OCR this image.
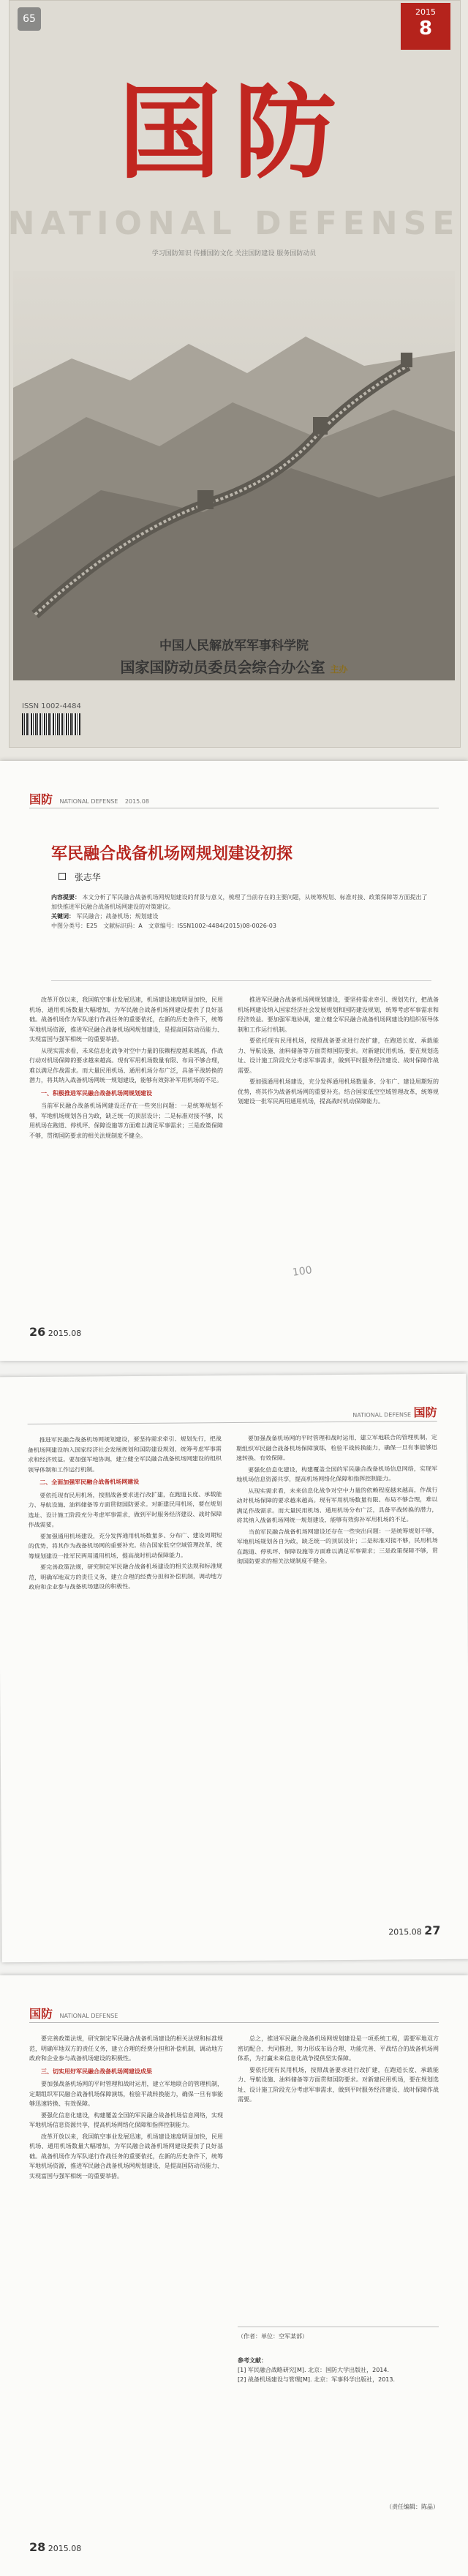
65
2015
8
国防
NATIONAL DEFENSE
学习国防知识 传播国防文化 关注国防建设 服务国防动员
中国人民解放军军事科学院
国家国防动员委员会综合办公室 主办
ISSN 1002-4484
国防 NATIONAL DEFENSE 2015.08
军民融合战备机场网规划建设初探
张志华
内容提要： 本文分析了军民融合战备机场网规划建设的背景与意义，梳理了当前存在的主要问题，从统筹规划、标准对接、政策保障等方面提出了加快推进军民融合战备机场网建设的对策建议。
关键词： 军民融合；战备机场；规划建设
中图分类号：E25　文献标识码：A　文章编号：ISSN1002-4484(2015)08-0026-03

改革开放以来，我国航空事业发展迅速，机场建设速度明显加快，民用机场、通用机场数量大幅增加，为军民融合战备机场网建设提供了良好基础。战备机场作为军队遂行作战任务的重要依托，在新的历史条件下，统筹军地机场资源，推进军民融合战备机场网规划建设，是提高国防动员能力、实现富国与强军相统一的重要举措。

从现实需求看，未来信息化战争对空中力量的依赖程度越来越高，作战行动对机场保障的要求越来越高。现有军用机场数量有限、布局不够合理，难以满足作战需求。而大量民用机场、通用机场分布广泛，具备平战转换的潜力，将其纳入战备机场网统一规划建设，能够有效弥补军用机场的不足。

一、积极推进军民融合战备机场网规划建设

当前军民融合战备机场网建设还存在一些突出问题：一是统筹规划不够，军地机场规划各自为政，缺乏统一的顶层设计；二是标准对接不够，民用机场在跑道、停机坪、保障设施等方面难以满足军事需求；三是政策保障不够，贯彻国防要求的相关法规制度不健全。

推进军民融合战备机场网规划建设，要坚持需求牵引、规划先行，把战备机场网建设纳入国家经济社会发展规划和国防建设规划，统筹考虑军事需求和经济效益。要加强军地协调，建立健全军民融合战备机场网建设的组织领导体制和工作运行机制。

要依托现有民用机场，按照战备要求进行改扩建，在跑道长度、承载能力、导航设施、油料储备等方面贯彻国防要求。对新建民用机场，要在规划选址、设计施工阶段充分考虑军事需求，做到平时服务经济建设、战时保障作战需要。

要加强通用机场建设，充分发挥通用机场数量多、分布广、建设周期短的优势，将其作为战备机场网的重要补充。结合国家低空空域管理改革，统筹规划建设一批军民两用通用机场，提高战时机动保障能力。

100
26 2015.08
NATIONAL DEFENSE 国防

推进军民融合战备机场网规划建设，要坚持需求牵引、规划先行，把战备机场网建设纳入国家经济社会发展规划和国防建设规划，统筹考虑军事需求和经济效益。要加强军地协调，建立健全军民融合战备机场网建设的组织领导体制和工作运行机制。

二、全面加强军民融合战备机场网建设

要依托现有民用机场，按照战备要求进行改扩建，在跑道长度、承载能力、导航设施、油料储备等方面贯彻国防要求。对新建民用机场，要在规划选址、设计施工阶段充分考虑军事需求，做到平时服务经济建设、战时保障作战需要。

要加强通用机场建设，充分发挥通用机场数量多、分布广、建设周期短的优势，将其作为战备机场网的重要补充。结合国家低空空域管理改革，统筹规划建设一批军民两用通用机场，提高战时机动保障能力。

要完善政策法规，研究制定军民融合战备机场建设的相关法规和标准规范，明确军地双方的责任义务，建立合理的经费分担和补偿机制，调动地方政府和企业参与战备机场建设的积极性。

要加强战备机场网的平时管理和战时运用，建立军地联合的管理机制，定期组织军民融合战备机场保障演练，检验平战转换能力，确保一旦有事能够迅速转换、有效保障。

要强化信息化建设，构建覆盖全国的军民融合战备机场信息网络，实现军地机场信息资源共享，提高机场网络化保障和指挥控制能力。

从现实需求看，未来信息化战争对空中力量的依赖程度越来越高，作战行动对机场保障的要求越来越高。现有军用机场数量有限、布局不够合理，难以满足作战需求。而大量民用机场、通用机场分布广泛，具备平战转换的潜力，将其纳入战备机场网统一规划建设，能够有效弥补军用机场的不足。

当前军民融合战备机场网建设还存在一些突出问题：一是统筹规划不够，军地机场规划各自为政，缺乏统一的顶层设计；二是标准对接不够，民用机场在跑道、停机坪、保障设施等方面难以满足军事需求；三是政策保障不够，贯彻国防要求的相关法规制度不健全。

2015.08 27
国防 NATIONAL DEFENSE

要完善政策法规，研究制定军民融合战备机场建设的相关法规和标准规范，明确军地双方的责任义务，建立合理的经费分担和补偿机制，调动地方政府和企业参与战备机场建设的积极性。

三、切实用好军民融合战备机场网建设成果

要加强战备机场网的平时管理和战时运用，建立军地联合的管理机制，定期组织军民融合战备机场保障演练，检验平战转换能力，确保一旦有事能够迅速转换、有效保障。

要强化信息化建设，构建覆盖全国的军民融合战备机场信息网络，实现军地机场信息资源共享，提高机场网络化保障和指挥控制能力。

改革开放以来，我国航空事业发展迅速，机场建设速度明显加快，民用机场、通用机场数量大幅增加，为军民融合战备机场网建设提供了良好基础。战备机场作为军队遂行作战任务的重要依托，在新的历史条件下，统筹军地机场资源，推进军民融合战备机场网规划建设，是提高国防动员能力、实现富国与强军相统一的重要举措。

总之，推进军民融合战备机场网规划建设是一项系统工程，需要军地双方密切配合、共同推进，努力形成布局合理、功能完善、平战结合的战备机场网体系，为打赢未来信息化战争提供坚实保障。

要依托现有民用机场，按照战备要求进行改扩建，在跑道长度、承载能力、导航设施、油料储备等方面贯彻国防要求。对新建民用机场，要在规划选址、设计施工阶段充分考虑军事需求，做到平时服务经济建设、战时保障作战需要。

（作者：单位：空军某部）
参考文献：
[1] 军民融合战略研究[M]. 北京：国防大学出版社，2014.
[2] 战备机场建设与管理[M]. 北京：军事科学出版社，2013.
（责任编辑：陈晶）
28 2015.08
